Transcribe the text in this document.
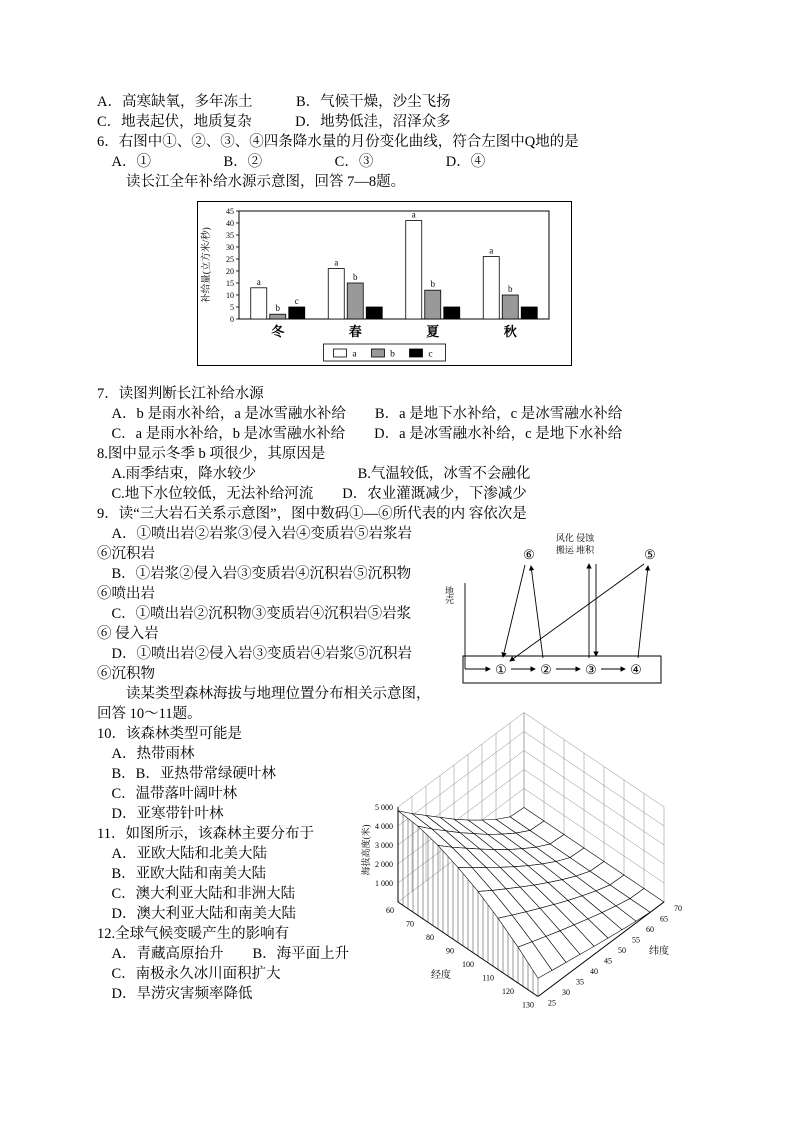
A．高寒缺氧，多年冻土　　　B．气候干燥，沙尘飞扬
C．地表起伏，地质复杂　　　D．地势低洼，沼泽众多
6．右图中①、②、③、④四条降水量的月份变化曲线，符合左图中Q地的是
　A．①　　　　　B．②　　　　　C．③　　　　　D．④
　　读长江全年补给水源示意图，回答 7—8题。
0
5
10
15
20
25
30
35
40
45
补给量(立方米/秒)
冬	春	夏	秋
a
a
a
a
b
b
b	b
c
a	b	c
7．读图判断长江补给水源
　A．b 是雨水补给，a 是冰雪融水补给　　B．a 是地下水补给，c 是冰雪融水补给
　C．a 是雨水补给，b 是冰雪融水补给　　D．a 是冰雪融水补给，c 是地下水补给
8.图中显示冬季 b 项很少，其原因是
　A.雨季结束，降水较少　　　　　　　B.气温较低，冰雪不会融化
　C.地下水位较低，无法补给河流　　D．农业灌溉减少，下渗减少
9．读“三大岩石关系示意图”，图中数码①—⑥所代表的内 容依次是
　A．①喷出岩②岩浆③侵入岩④变质岩⑤岩浆岩
⑥沉积岩
　B．①岩浆②侵入岩③变质岩④沉积岩⑤沉积物
⑥喷出岩
　C．①喷出岩②沉积物③变质岩④沉积岩⑤岩浆
⑥ 侵入岩
　D．①喷出岩②侵入岩③变质岩④岩浆⑤沉积岩
⑥沉积物
　　读某类型森林海拔与地理位置分布相关示意图，
回答 10～11题。
10．该森林类型可能是
　A．热带雨林
　B．B．亚热带常绿硬叶林
　C．温带落叶阔叶林
　D．亚寒带针叶林
11．如图所示，该森林主要分布于
　A．亚欧大陆和北美大陆
　B．亚欧大陆和南美大陆
　C．澳大利亚大陆和非洲大陆
　D．澳大利亚大陆和南美大陆
12.全球气候变暖产生的影响有
　A．青藏高原抬升　　B．海平面上升
　C．南极永久冰川面积扩大
　D．旱涝灾害频率降低
风化 侵蚀
搬运 堆积
⑥	⑤
①	②	③	④
地壳
60
70
80
90
100
110
120
130 25
30
35
40
45
50
55
60
65
70
1 000
2 000
3 000
4 000
5 000
经度
纬度
海拔高度(米)
